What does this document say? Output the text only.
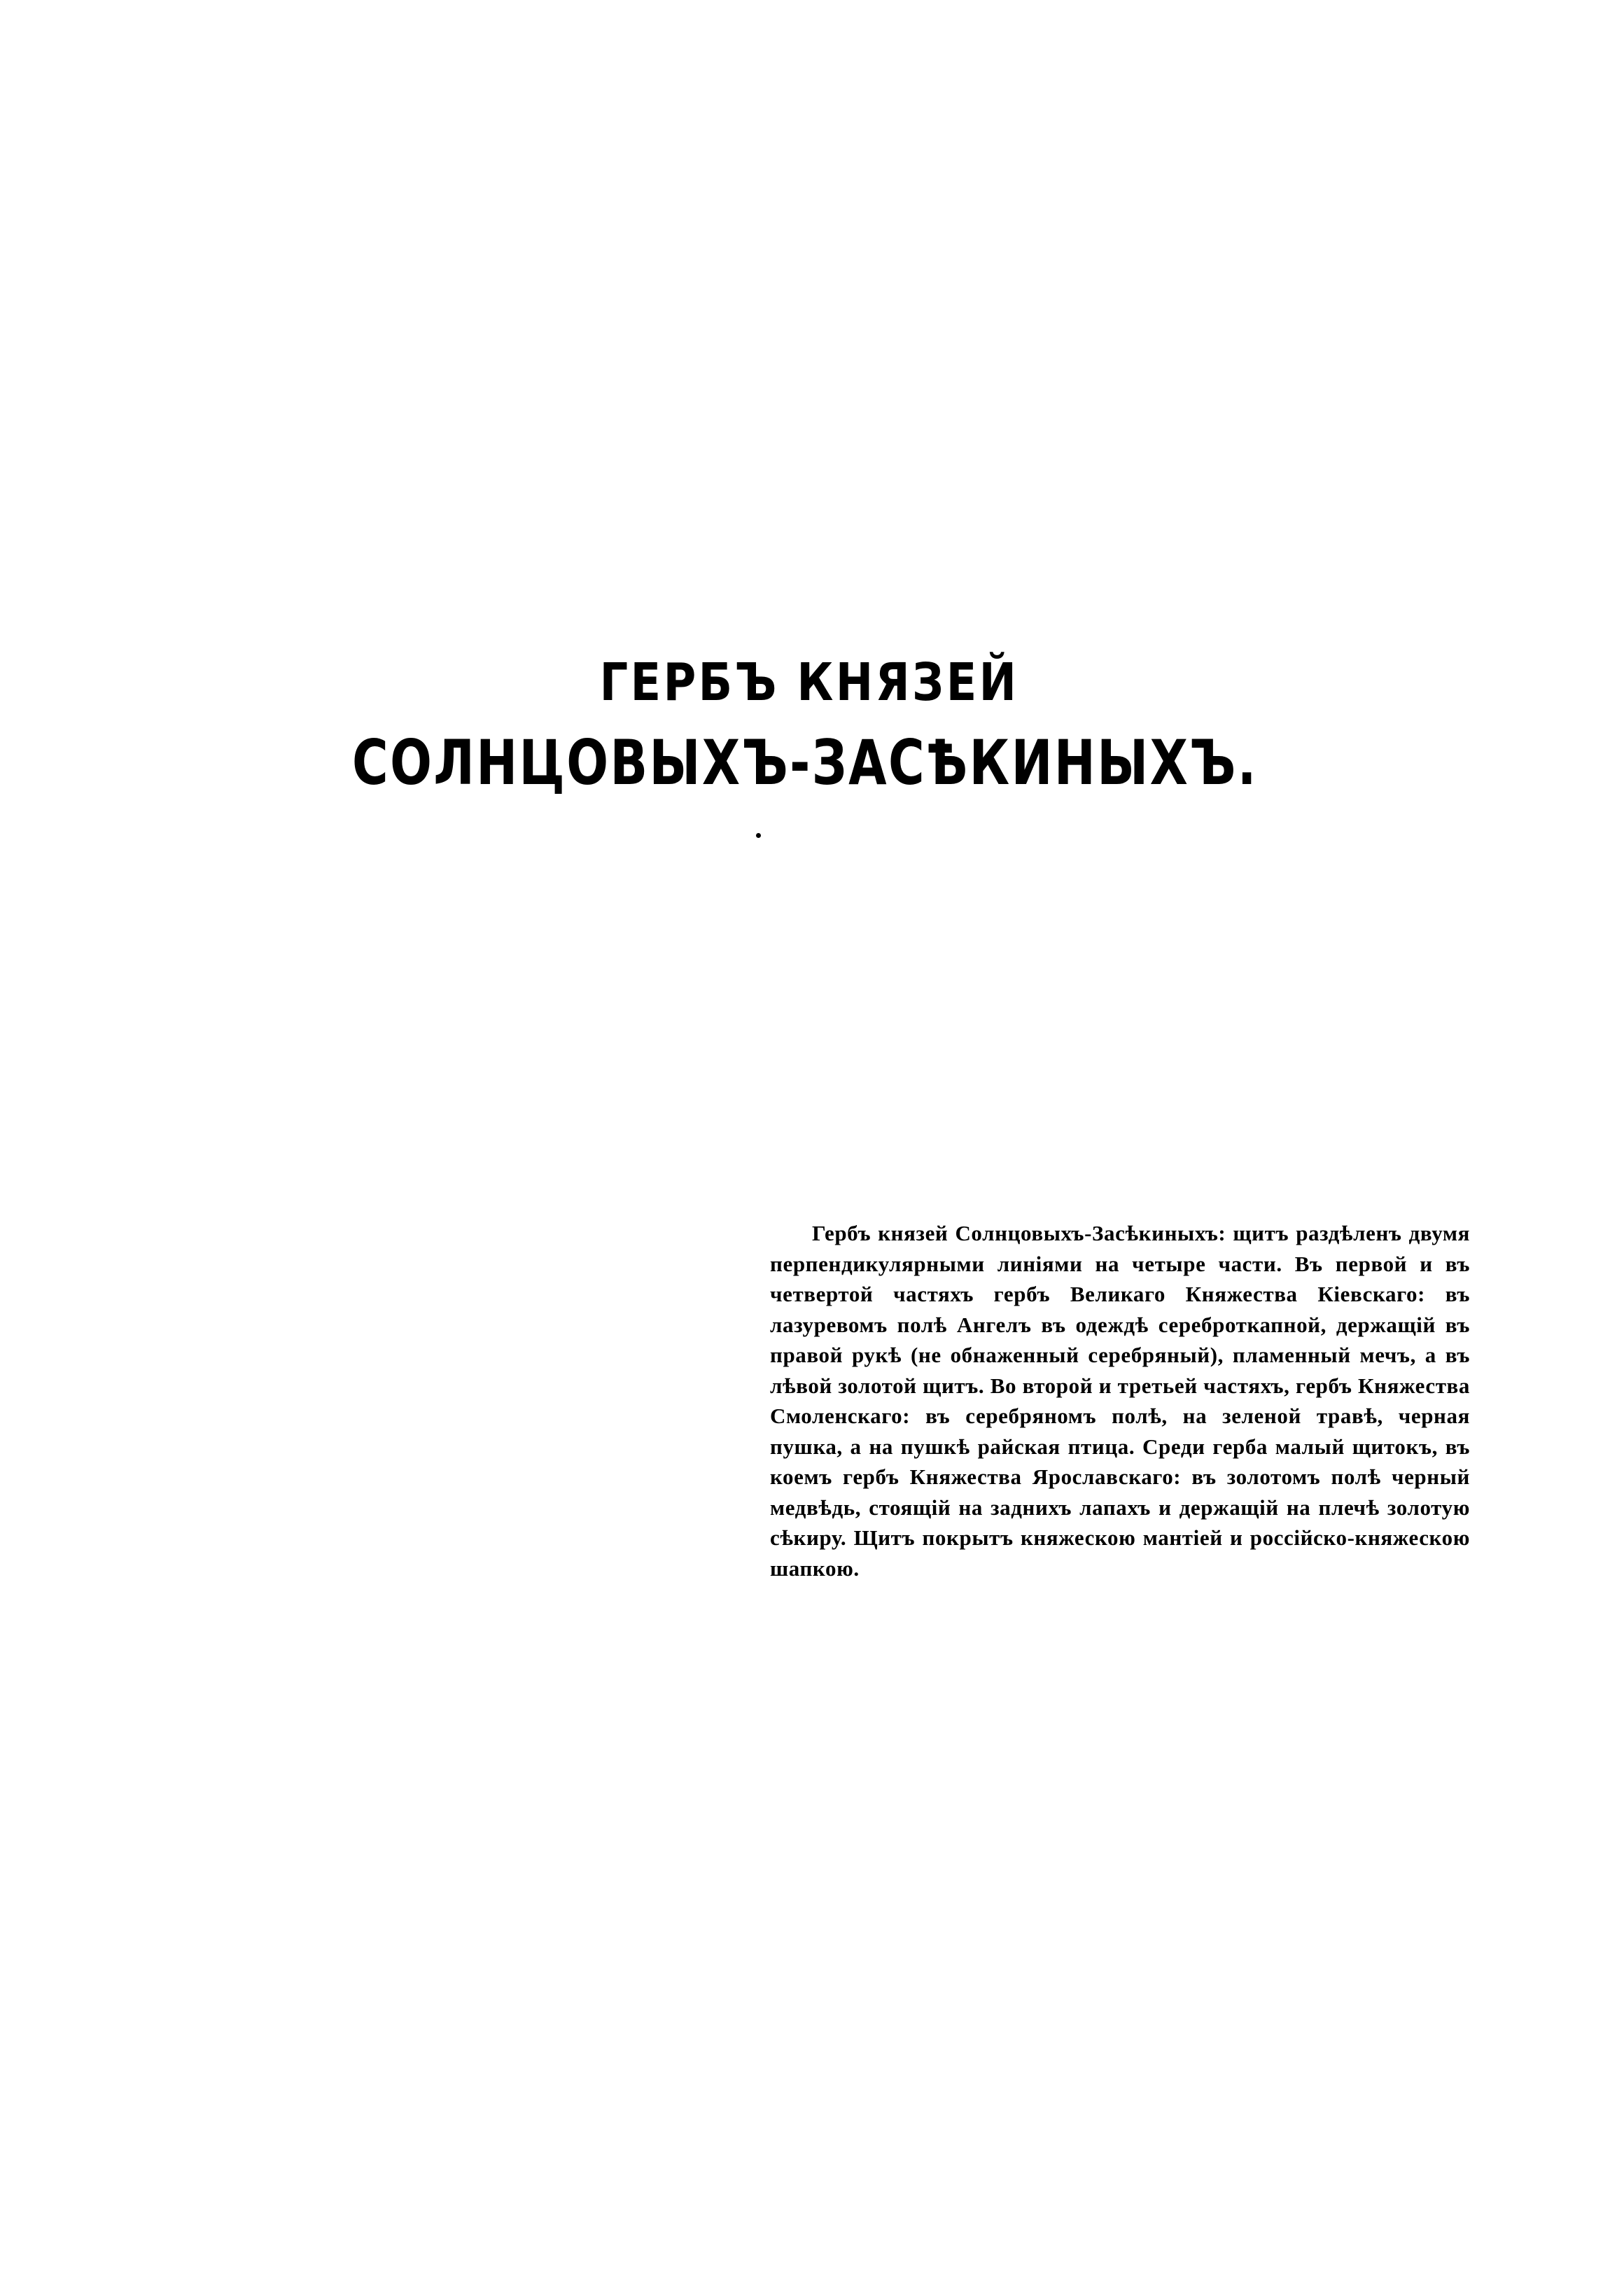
ГЕРБЪ КНЯЗЕЙ
СОЛНЦОВЫХЪ-ЗАСѢКИНЫХЪ.
Гербъ князей Солнцовыхъ-Засѣкиныхъ: щитъ раздѣленъ двумя перпендикулярными линіями на четыре части. Въ первой и въ четвертой частяхъ гербъ Великаго Княжества Кіевскаго: въ лазуревомъ полѣ Ангелъ въ одеждѣ сереброткапной, держащій въ правой рукѣ (не обнаженный серебряный), пламенный мечъ, а въ лѣвой золотой щитъ. Во второй и третьей частяхъ, гербъ Княжества Смоленскаго: въ серебряномъ полѣ, на зеленой травѣ, черная пушка, а на пушкѣ райская птица. Среди герба малый щитокъ, въ коемъ гербъ Княжества Ярославскаго: въ золотомъ полѣ черный медвѣдь, стоящій на заднихъ лапахъ и держащій на плечѣ золотую сѣкиру. Щитъ покрытъ княжескою мантіей и россійско-княжескою шапкою.
